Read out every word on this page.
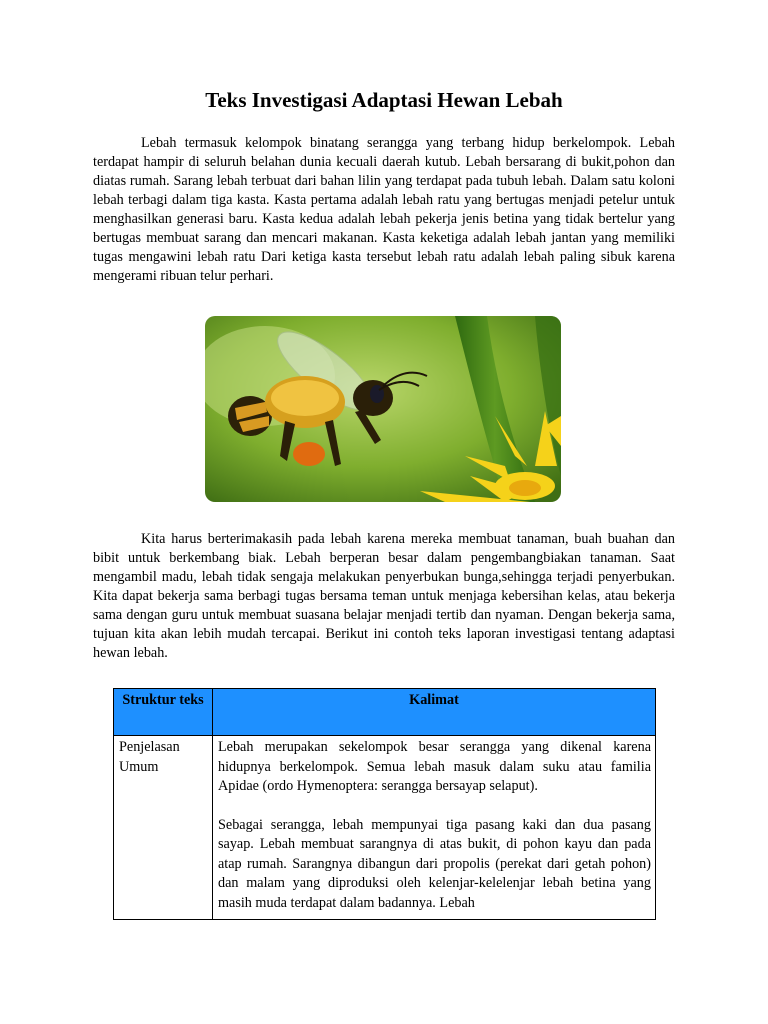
Teks Investigasi Adaptasi Hewan Lebah

Lebah termasuk kelompok binatang serangga yang terbang hidup berkelompok. Lebah terdapat hampir di seluruh belahan dunia kecuali daerah kutub. Lebah bersarang di bukit,pohon dan diatas rumah. Sarang lebah terbuat dari bahan lilin yang terdapat pada tubuh lebah. Dalam satu koloni lebah terbagi dalam tiga kasta. Kasta pertama adalah lebah ratu yang bertugas menjadi petelur untuk menghasilkan generasi baru. Kasta kedua adalah lebah pekerja jenis betina yang tidak bertelur yang bertugas membuat sarang dan mencari makanan. Kasta keketiga adalah lebah jantan yang memiliki tugas mengawini lebah ratu Dari ketiga kasta tersebut lebah ratu adalah lebah paling sibuk karena mengerami ribuan telur perhari.

Kita harus berterimakasih pada lebah karena mereka membuat tanaman, buah buahan dan bibit untuk berkembang biak. Lebah berperan besar dalam pengembangbiakan tanaman. Saat mengambil madu, lebah tidak sengaja melakukan penyerbukan bunga,sehingga terjadi penyerbukan. Kita dapat bekerja sama berbagi tugas bersama teman untuk menjaga kebersihan kelas, atau bekerja sama dengan guru untuk membuat suasana belajar menjadi tertib dan nyaman. Dengan bekerja sama, tujuan kita akan lebih mudah tercapai. Berikut ini contoh teks laporan investigasi tentang adaptasi hewan lebah.

Struktur teks	Kalimat
Penjelasan Umum	Lebah merupakan sekelompok besar serangga yang dikenal karena hidupnya berkelompok. Semua lebah masuk dalam suku atau familia Apidae (ordo Hymenoptera: serangga bersayap selaput).

Sebagai serangga, lebah mempunyai tiga pasang kaki dan dua pasang sayap. Lebah membuat sarangnya di atas bukit, di pohon kayu dan pada atap rumah. Sarangnya dibangun dari propolis (perekat dari getah pohon) dan malam yang diproduksi oleh kelenjar-kelelenjar lebah betina yang masih muda terdapat dalam badannya. Lebah
